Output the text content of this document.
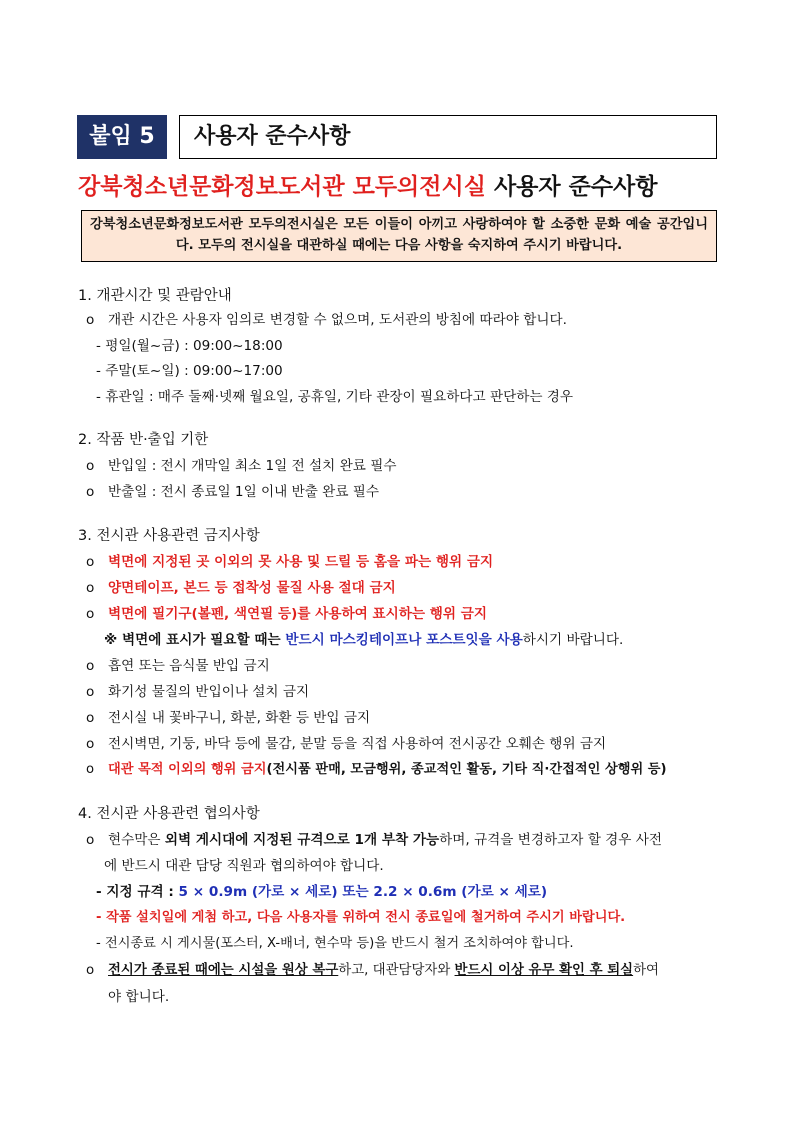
붙임 5	사용자 준수사항
강북청소년문화정보도서관 모두의전시실 사용자 준수사항
강북청소년문화정보도서관 모두의전시실은 모든 이들이 아끼고 사랑하여야 할 소중한 문화 예술 공간입니다. 모두의 전시실을 대관하실 때에는 다음 사항을 숙지하여 주시기 바랍니다.
1. 개관시간 및 관람안내
o 개관 시간은 사용자 임의로 변경할 수 없으며, 도서관의 방침에 따라야 합니다.
- 평일(월~금) : 09:00~18:00
- 주말(토~일) : 09:00~17:00
- 휴관일 : 매주 둘째·넷째 월요일, 공휴일, 기타 관장이 필요하다고 판단하는 경우
2. 작품 반·출입 기한
o 반입일 : 전시 개막일 최소 1일 전 설치 완료 필수
o 반출일 : 전시 종료일 1일 이내 반출 완료 필수
3. 전시관 사용관련 금지사항
o 벽면에 지정된 곳 이외의 못 사용 및 드릴 등 홈을 파는 행위 금지
o 양면테이프, 본드 등 접착성 물질 사용 절대 금지
o 벽면에 필기구(볼펜, 색연필 등)를 사용하여 표시하는 행위 금지
※ 벽면에 표시가 필요할 때는 반드시 마스킹테이프나 포스트잇을 사용하시기 바랍니다.
o 흡연 또는 음식물 반입 금지
o 화기성 물질의 반입이나 설치 금지
o 전시실 내 꽃바구니, 화분, 화환 등 반입 금지
o 전시벽면, 기둥, 바닥 등에 물감, 분말 등을 직접 사용하여 전시공간 오훼손 행위 금지
o 대관 목적 이외의 행위 금지(전시품 판매, 모금행위, 종교적인 활동, 기타 직·간접적인 상행위 등)
4. 전시관 사용관련 협의사항
o 현수막은 외벽 게시대에 지정된 규격으로 1개 부착 가능하며, 규격을 변경하고자 할 경우 사전
에 반드시 대관 담당 직원과 협의하여야 합니다.
- 지정 규격 : 5 × 0.9m (가로 × 세로) 또는 2.2 × 0.6m (가로 × 세로)
- 작품 설치일에 게첨 하고, 다음 사용자를 위하여 전시 종료일에 철거하여 주시기 바랍니다.
- 전시종료 시 게시물(포스터, X-배너, 현수막 등)을 반드시 철거 조치하여야 합니다.
o 전시가 종료된 때에는 시설을 원상 복구하고, 대관담당자와 반드시 이상 유무 확인 후 퇴실하여
야 합니다.
